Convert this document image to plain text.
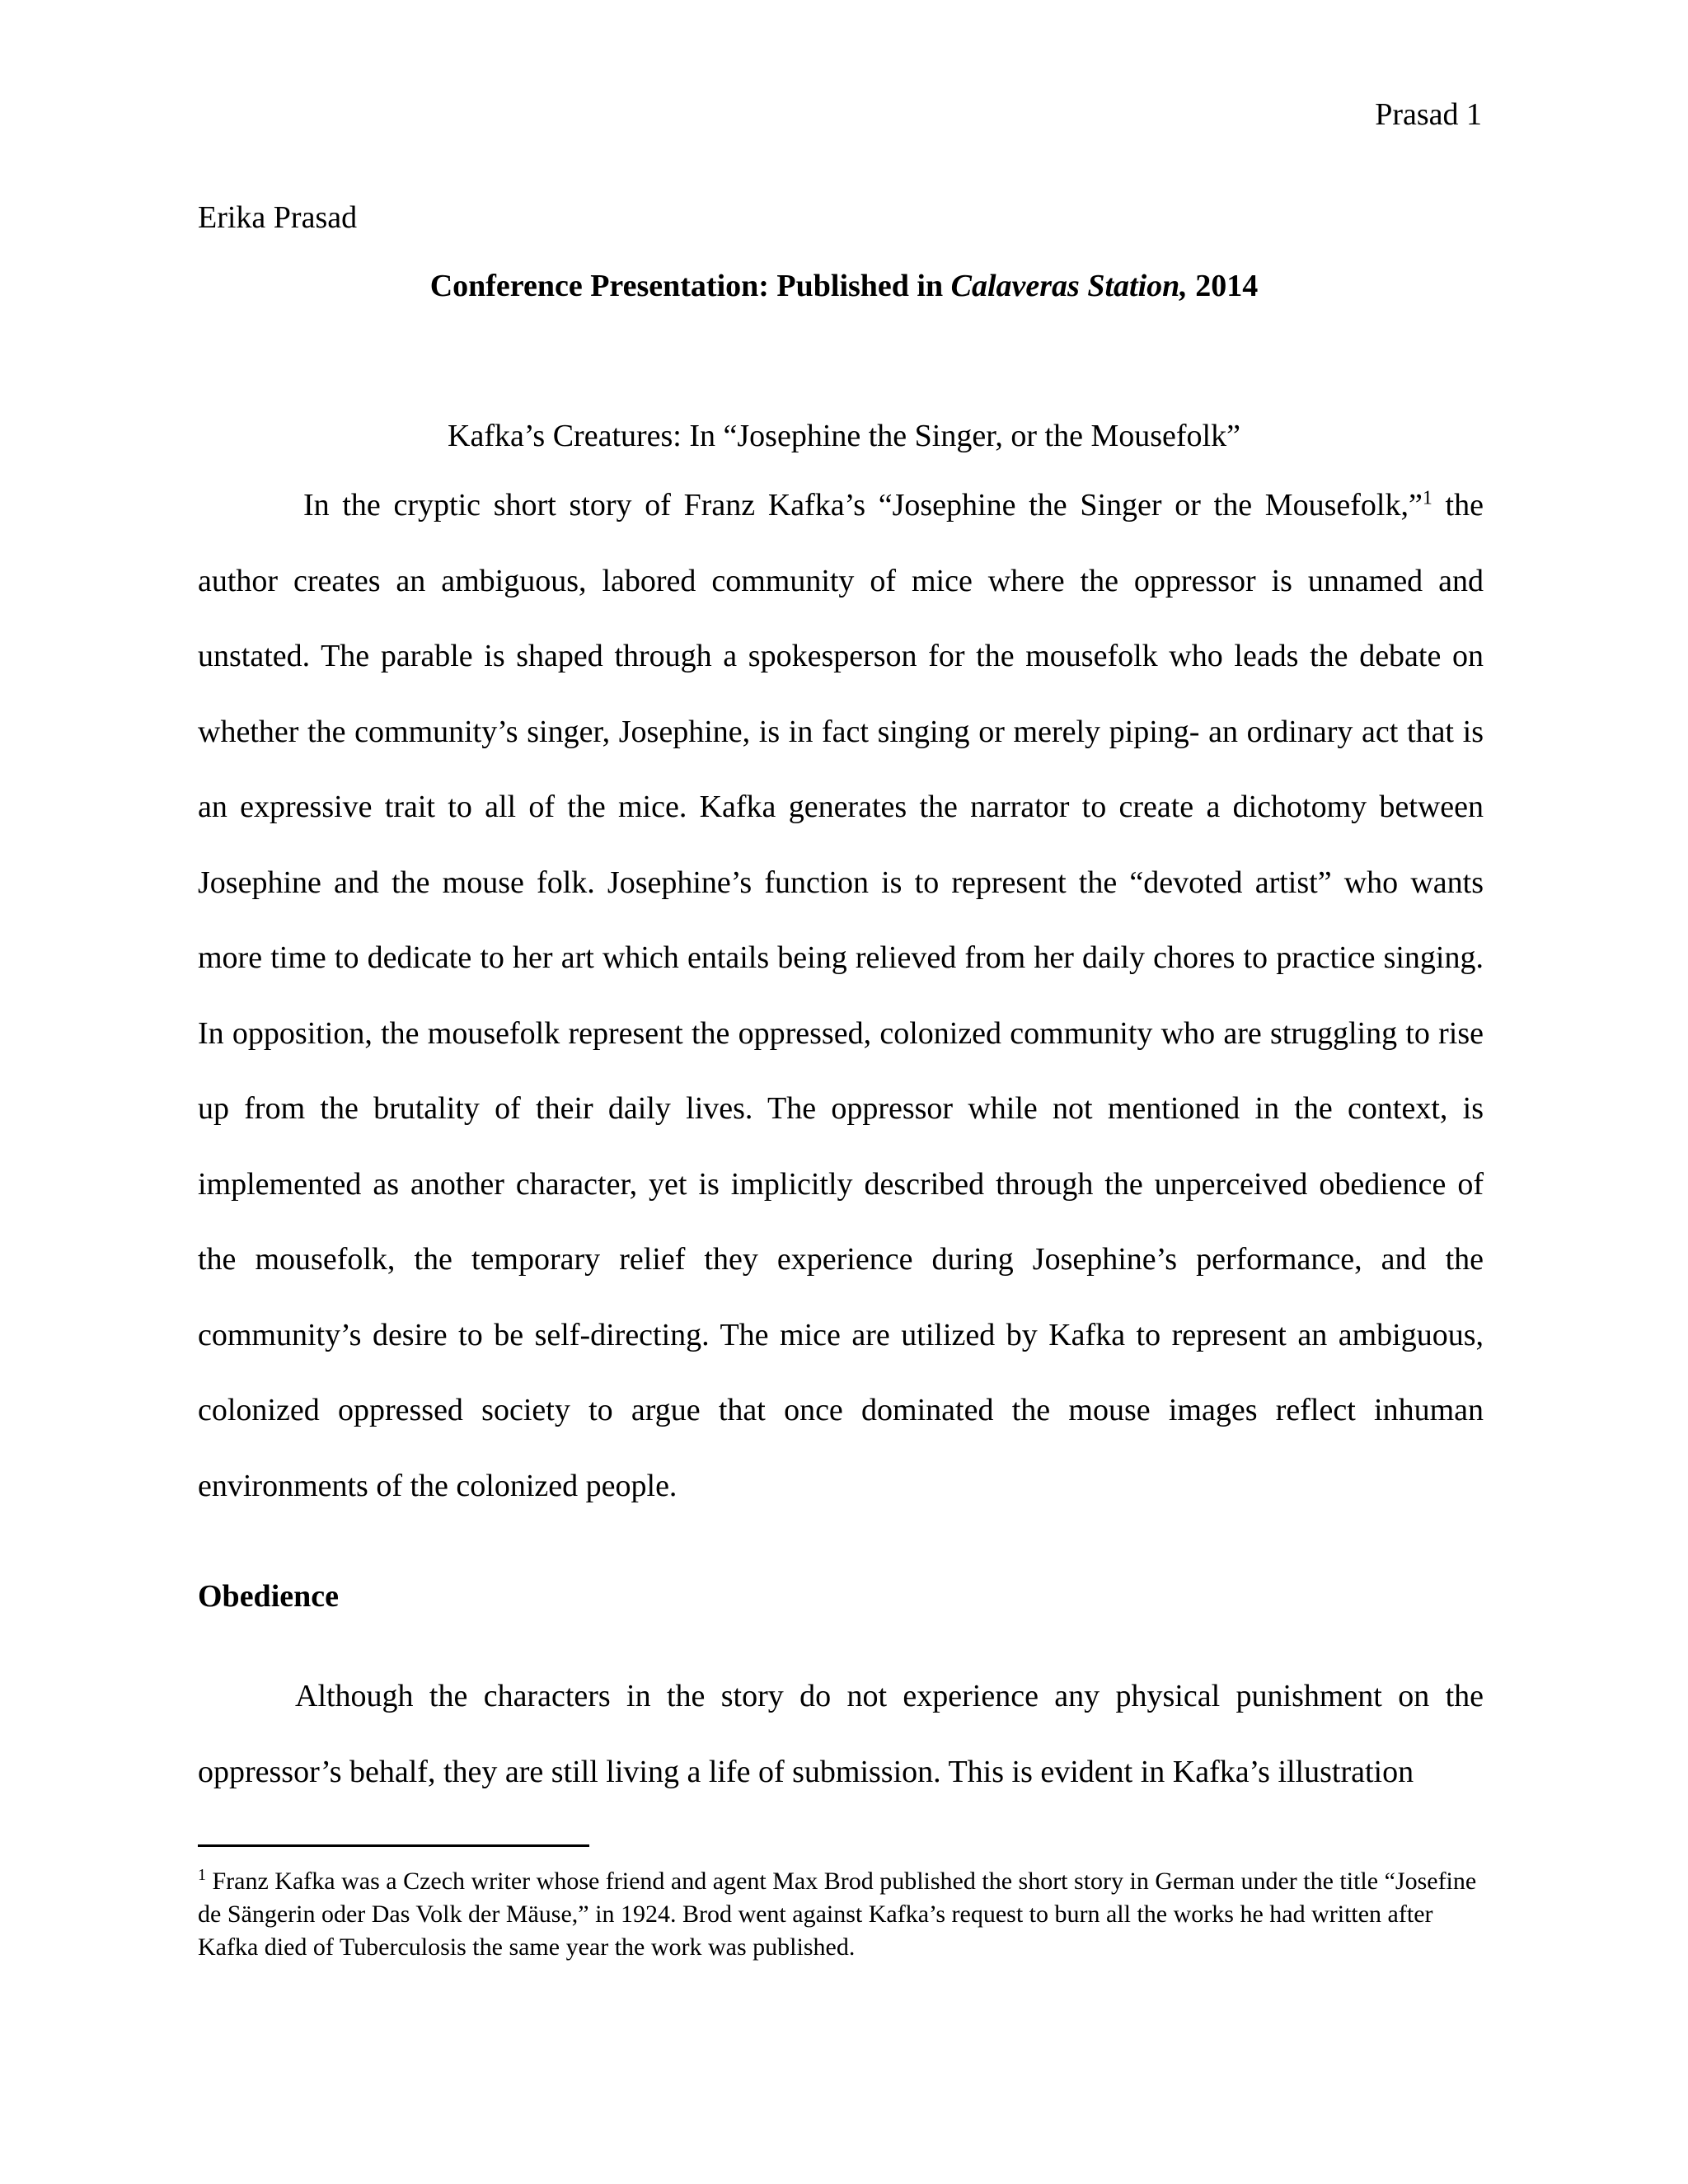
Prasad 1
Erika Prasad
Conference Presentation: Published in Calaveras Station, 2014
Kafka’s Creatures: In “Josephine the Singer, or the Mousefolk”

In the cryptic short story of Franz Kafka’s “Josephine the Singer or the Mousefolk,”$^1$ the author creates an ambiguous, labored community of mice where the oppressor is unnamed and unstated. The parable is shaped through a spokesperson for the mousefolk who leads the debate on whether the community’s singer, Josephine, is in fact singing or merely piping- an ordinary act that is an expressive trait to all of the mice. Kafka generates the narrator to create a dichotomy between Josephine and the mouse folk. Josephine’s function is to represent the “devoted artist” who wants more time to dedicate to her art which entails being relieved from her daily chores to practice singing. In opposition, the mousefolk represent the oppressed, colonized community who are struggling to rise up from the brutality of their daily lives. The oppressor while not mentioned in the context, is implemented as another character, yet is implicitly described through the unperceived obedience of the mousefolk, the temporary relief they experience during Josephine’s performance, and the community’s desire to be self-directing. The mice are utilized by Kafka to represent an ambiguous, colonized oppressed society to argue that once dominated the mouse images reflect inhuman environments of the colonized people.

Obedience

Although the characters in the story do not experience any physical punishment on the oppressor’s behalf, they are still living a life of submission. This is evident in Kafka’s illustration

$^1$ Franz Kafka was a Czech writer whose friend and agent Max Brod published the short story in German under the title “Josefine de Sängerin oder Das Volk der Mäuse,” in 1924. Brod went against Kafka’s request to burn all the works he had written after Kafka died of Tuberculosis the same year the work was published.
